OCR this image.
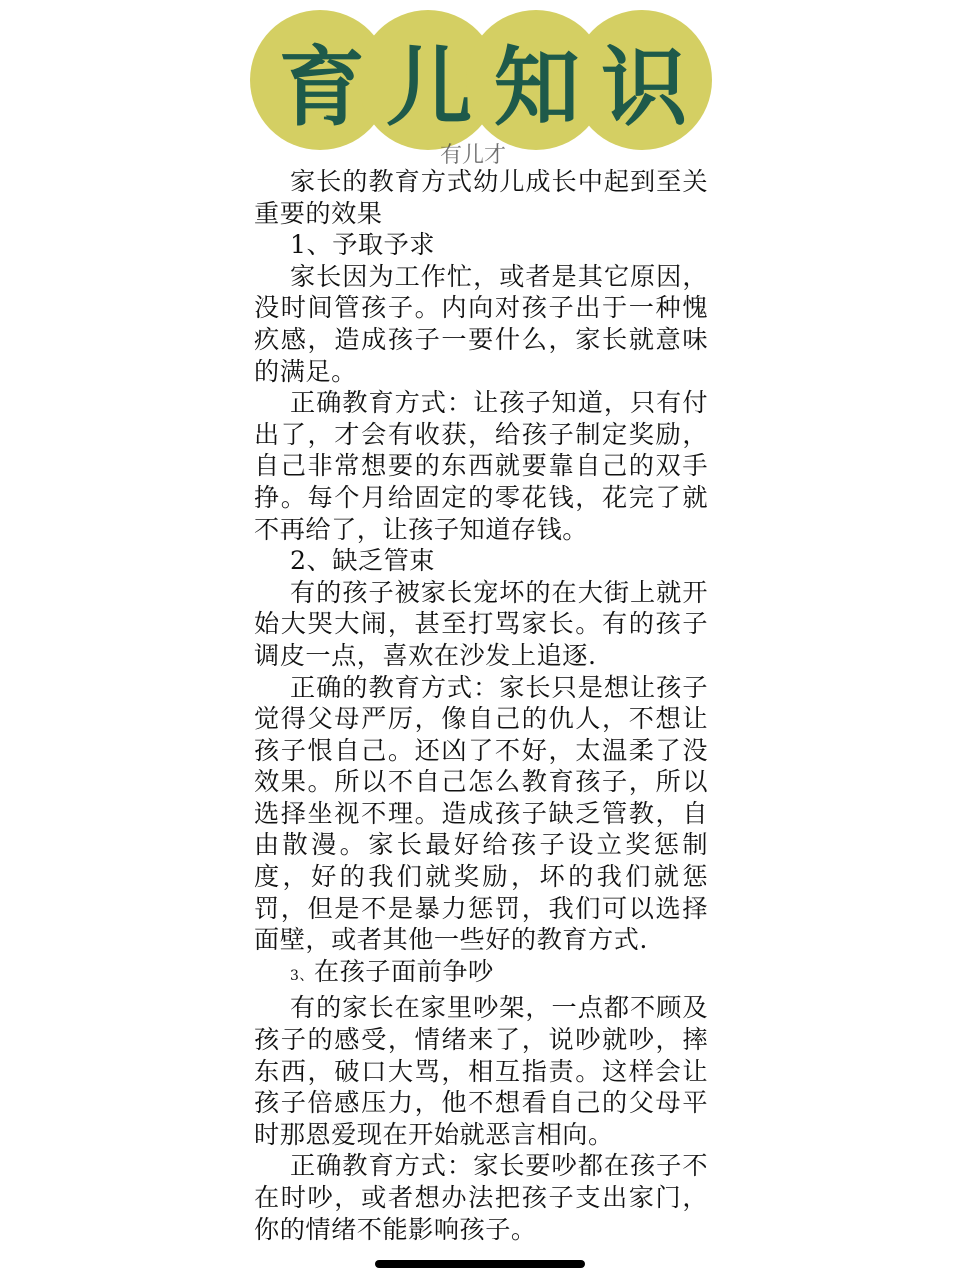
育 儿 知 识
有儿才

家长的教育方式幼儿成长中起到至关重要的效果

1、予取予求

家长因为工作忙，或者是其它原因，没时间管孩子。内向对孩子出于一种愧疚感，造成孩子一要什么，家长就意味的满足。

正确教育方式：让孩子知道，只有付出了，才会有收获，给孩子制定奖励，自己非常想要的东西就要靠自己的双手挣。每个月给固定的零花钱，花完了就不再给了，让孩子知道存钱。

2、缺乏管束

有的孩子被家长宠坏的在大街上就开始大哭大闹，甚至打骂家长。有的孩子调皮一点，喜欢在沙发上追逐.

正确的教育方式：家长只是想让孩子觉得父母严厉，像自己的仇人，不想让孩子恨自己。还凶了不好，太温柔了没效果。所以不自己怎么教育孩子，所以选择坐视不理。造成孩子缺乏管教，自由散漫。家长最好给孩子设立奖惩制度，好的我们就奖励，坏的我们就惩罚，但是不是暴力惩罚，我们可以选择面壁，或者其他一些好的教育方式.

3、在孩子面前争吵

有的家长在家里吵架，一点都不顾及孩子的感受，情绪来了，说吵就吵，摔东西，破口大骂，相互指责。这样会让孩子倍感压力，他不想看自己的父母平时那恩爱现在开始就恶言相向。

正确教育方式：家长要吵都在孩子不在时吵，或者想办法把孩子支出家门，你的情绪不能影响孩子。
